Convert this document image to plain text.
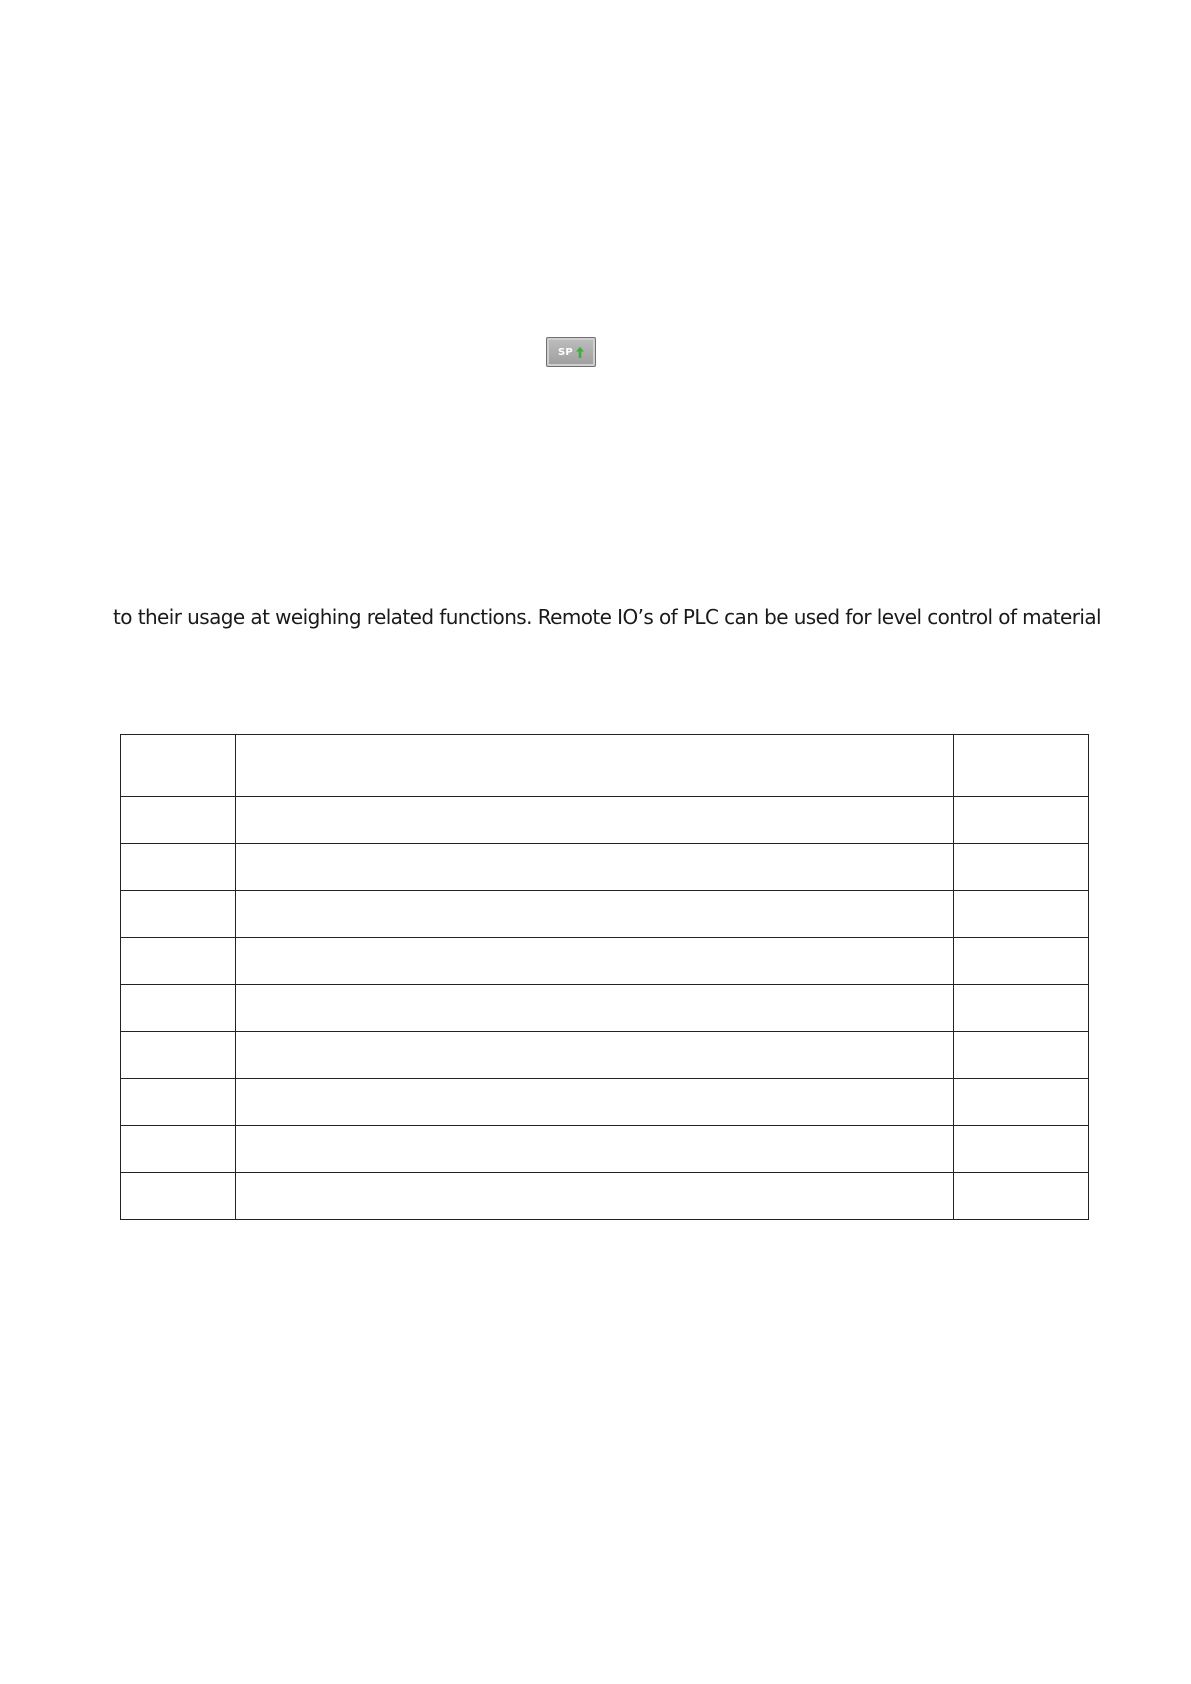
SP
to their usage at weighing related functions. Remote IO’s of PLC can be used for level control of material
